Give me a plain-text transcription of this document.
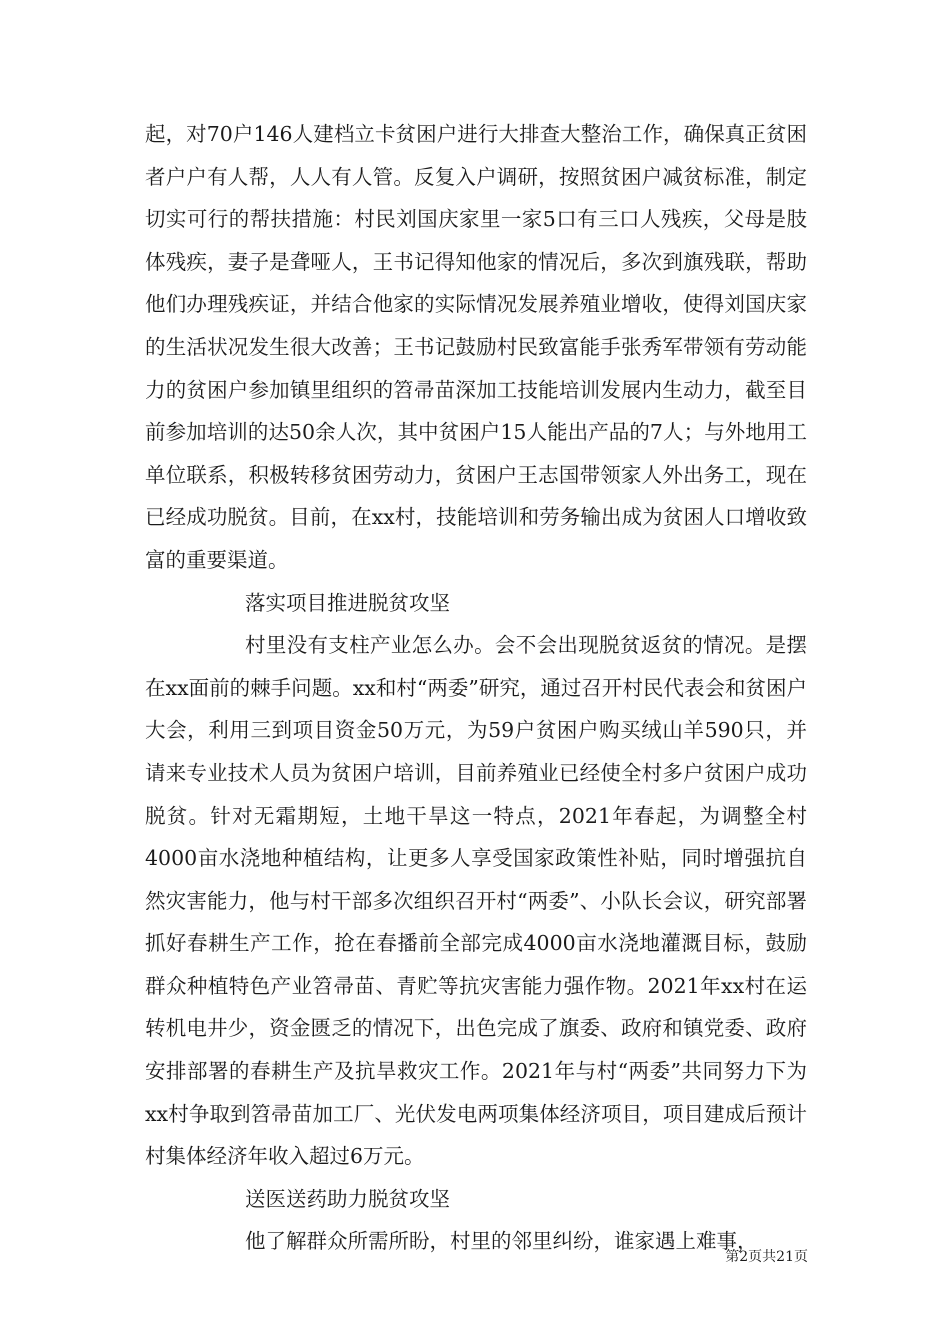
起，对70户146人建档立卡贫困户进行大排查大整治工作，确保真正贫困者户户有人帮，人人有人管。反复入户调研，按照贫困户减贫标准，制定切实可行的帮扶措施：村民刘国庆家里一家5口有三口人残疾，父母是肢体残疾，妻子是聋哑人，王书记得知他家的情况后，多次到旗残联，帮助他们办理残疾证，并结合他家的实际情况发展养殖业增收，使得刘国庆家的生活状况发生很大改善；王书记鼓励村民致富能手张秀军带领有劳动能力的贫困户参加镇里组织的笤帚苗深加工技能培训发展内生动力，截至目前参加培训的达50余人次，其中贫困户15人能出产品的7人；与外地用工单位联系，积极转移贫困劳动力，贫困户王志国带领家人外出务工，现在已经成功脱贫。目前，在xx村，技能培训和劳务输出成为贫困人口增收致富的重要渠道。

落实项目推进脱贫攻坚

村里没有支柱产业怎么办。会不会出现脱贫返贫的情况。是摆在xx面前的棘手问题。xx和村“两委”研究，通过召开村民代表会和贫困户大会，利用三到项目资金50万元，为59户贫困户购买绒山羊590只，并请来专业技术人员为贫困户培训，目前养殖业已经使全村多户贫困户成功脱贫。针对无霜期短，土地干旱这一特点，2021年春起，为调整全村4000亩水浇地种植结构，让更多人享受国家政策性补贴，同时增强抗自然灾害能力，他与村干部多次组织召开村“两委”、小队长会议，研究部署抓好春耕生产工作，抢在春播前全部完成4000亩水浇地灌溉目标，鼓励群众种植特色产业笤帚苗、青贮等抗灾害能力强作物。2021年xx村在运转机电井少，资金匮乏的情况下，出色完成了旗委、政府和镇党委、政府安排部署的春耕生产及抗旱救灾工作。2021年与村“两委”共同努力下为xx村争取到笤帚苗加工厂、光伏发电两项集体经济项目，项目建成后预计村集体经济年收入超过6万元。

送医送药助力脱贫攻坚

他了解群众所需所盼，村里的邻里纠纷，谁家遇上难事，

第2页共21页
